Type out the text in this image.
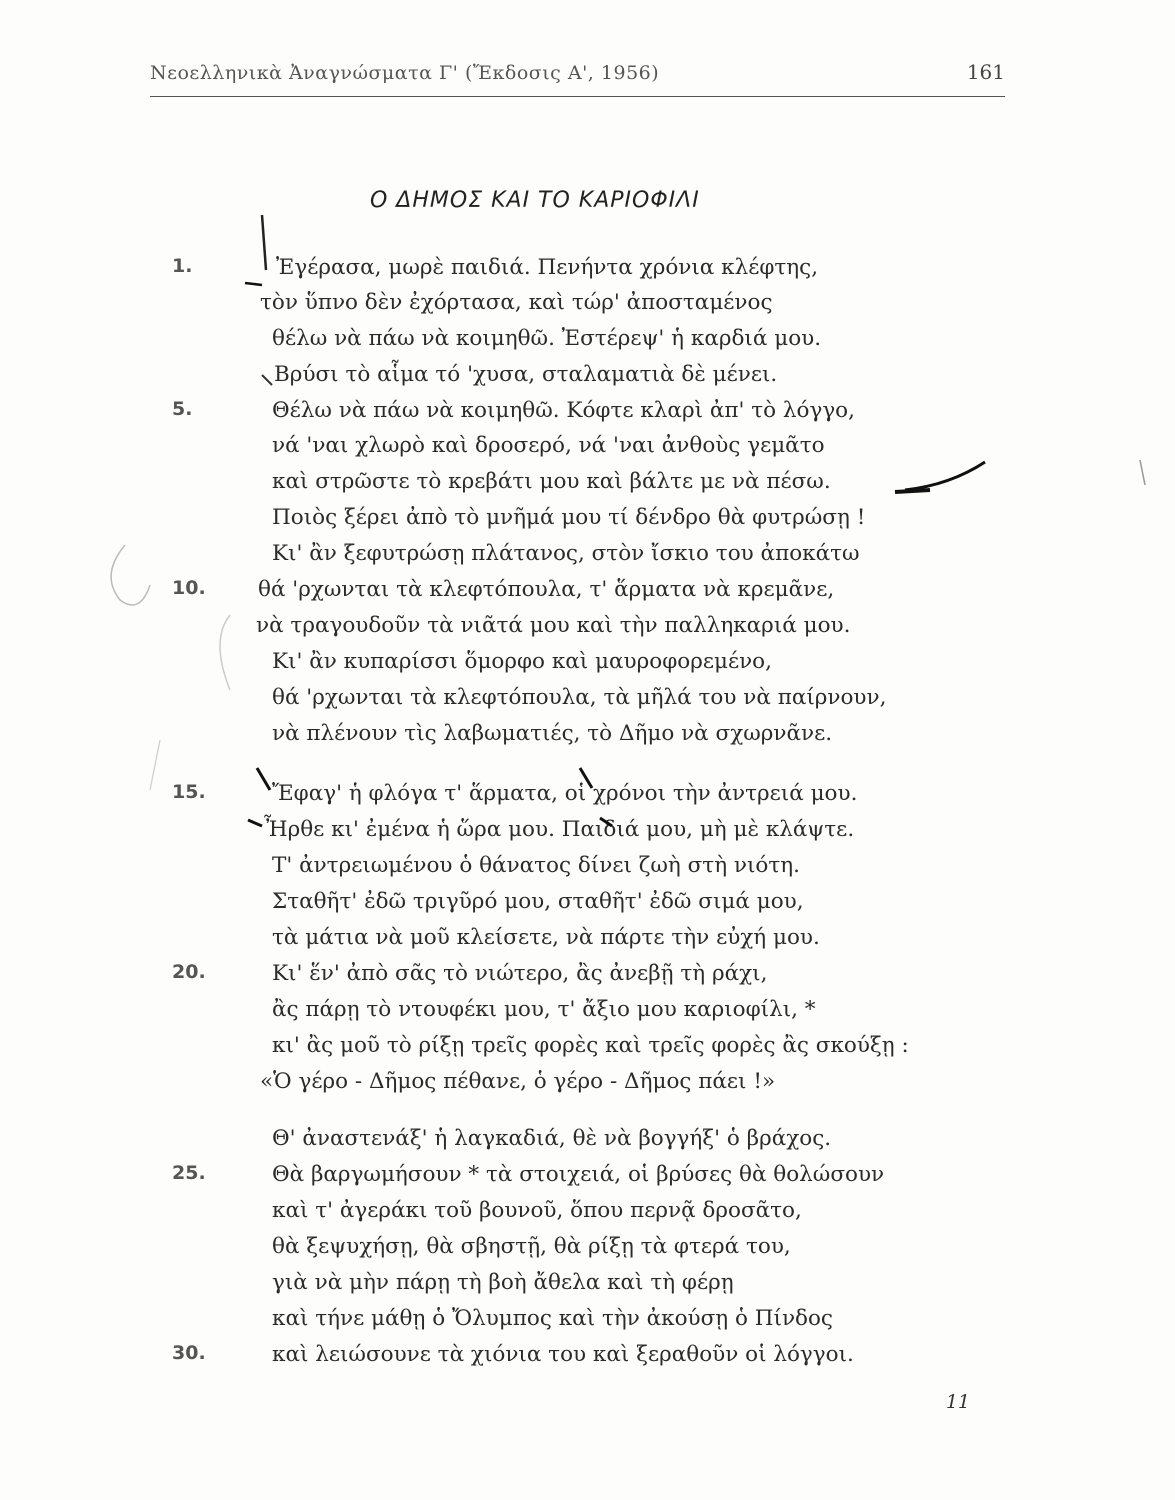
Νεοελληνικὰ Ἀναγνώσματα Γ' (Ἔκδοσις Α', 1956)	161
Ο ΔΗΜΟΣ ΚΑΙ ΤΟ ΚΑΡΙΟΦΙΛΙ
1.	Ἐγέρασα, μωρὲ παιδιά. Πενήντα χρόνια κλέφτης,
τὸν ὕπνο δὲν ἐχόρτασα, καὶ τώρ' ἀποσταμένος
θέλω νὰ πάω νὰ κοιμηθῶ. Ἐστέρεψ' ἡ καρδιά μου.
Βρύσι τὸ αἷμα τό 'χυσα, σταλαματιὰ δὲ μένει.
5.	Θέλω νὰ πάω νὰ κοιμηθῶ. Κόφτε κλαρὶ ἀπ' τὸ λόγγο,
νά 'ναι χλωρὸ καὶ δροσερό, νά 'ναι ἀνθοὺς γεμᾶτο
καὶ στρῶστε τὸ κρεβάτι μου καὶ βάλτε με νὰ πέσω.
Ποιὸς ξέρει ἀπὸ τὸ μνῆμά μου τί δένδρο θὰ φυτρώσῃ !
Κι' ἂν ξεφυτρώσῃ πλάτανος, στὸν ἴσκιο του ἀποκάτω
10. θά 'ρχωνται τὰ κλεφτόπουλα, τ' ἅρματα νὰ κρεμᾶνε,
νὰ τραγουδοῦν τὰ νιᾶτά μου καὶ τὴν παλληκαριά μου.
Κι' ἂν κυπαρίσσι ὅμορφο καὶ μαυροφορεμένο,
θά 'ρχωνται τὰ κλεφτόπουλα, τὰ μῆλά του νὰ παίρνουν,
νὰ πλένουν τὶς λαβωματιές, τὸ Δῆμο νὰ σχωρνᾶνε.
15.	Ἔφαγ' ἡ φλόγα τ' ἅρματα, οἱ χρόνοι τὴν ἀντρειά μου.
Ἦρθε κι' ἐμένα ἡ ὥρα μου. Παιδιά μου, μὴ μὲ κλάψτε.
Τ' ἀντρειωμένου ὁ θάνατος δίνει ζωὴ στὴ νιότη.
Σταθῆτ' ἐδῶ τριγῦρό μου, σταθῆτ' ἐδῶ σιμά μου,
τὰ μάτια νὰ μοῦ κλείσετε, νὰ πάρτε τὴν εὐχή μου.
20.	Κι' ἕν' ἀπὸ σᾶς τὸ νιώτερο, ἂς ἀνεβῇ τὴ ράχι,
ἂς πάρῃ τὸ ντουφέκι μου, τ' ἄξιο μου καριοφίλι, *
κι' ἂς μοῦ τὸ ρίξῃ τρεῖς φορὲς καὶ τρεῖς φορὲς ἂς σκούξῃ :
«Ὁ γέρο - Δῆμος πέθανε, ὁ γέρο - Δῆμος πάει !»
Θ' ἀναστενάξ' ἡ λαγκαδιά, θὲ νὰ βογγήξ' ὁ βράχος.
25.	Θὰ βαργωμήσουν * τὰ στοιχειά, οἱ βρύσες θὰ θολώσουν
καὶ τ' ἀγεράκι τοῦ βουνοῦ, ὅπου περνᾷ δροσᾶτο,
θὰ ξεψυχήσῃ, θὰ σβηστῇ, θὰ ρίξῃ τὰ φτερά του,
γιὰ νὰ μὴν πάρῃ τὴ βοὴ ἄθελα καὶ τὴ φέρῃ
καὶ τήνε μάθῃ ὁ Ὄλυμπος καὶ τὴν ἀκούσῃ ὁ Πίνδος
30.	καὶ λειώσουνε τὰ χιόνια του καὶ ξεραθοῦν οἱ λόγγοι.
11
